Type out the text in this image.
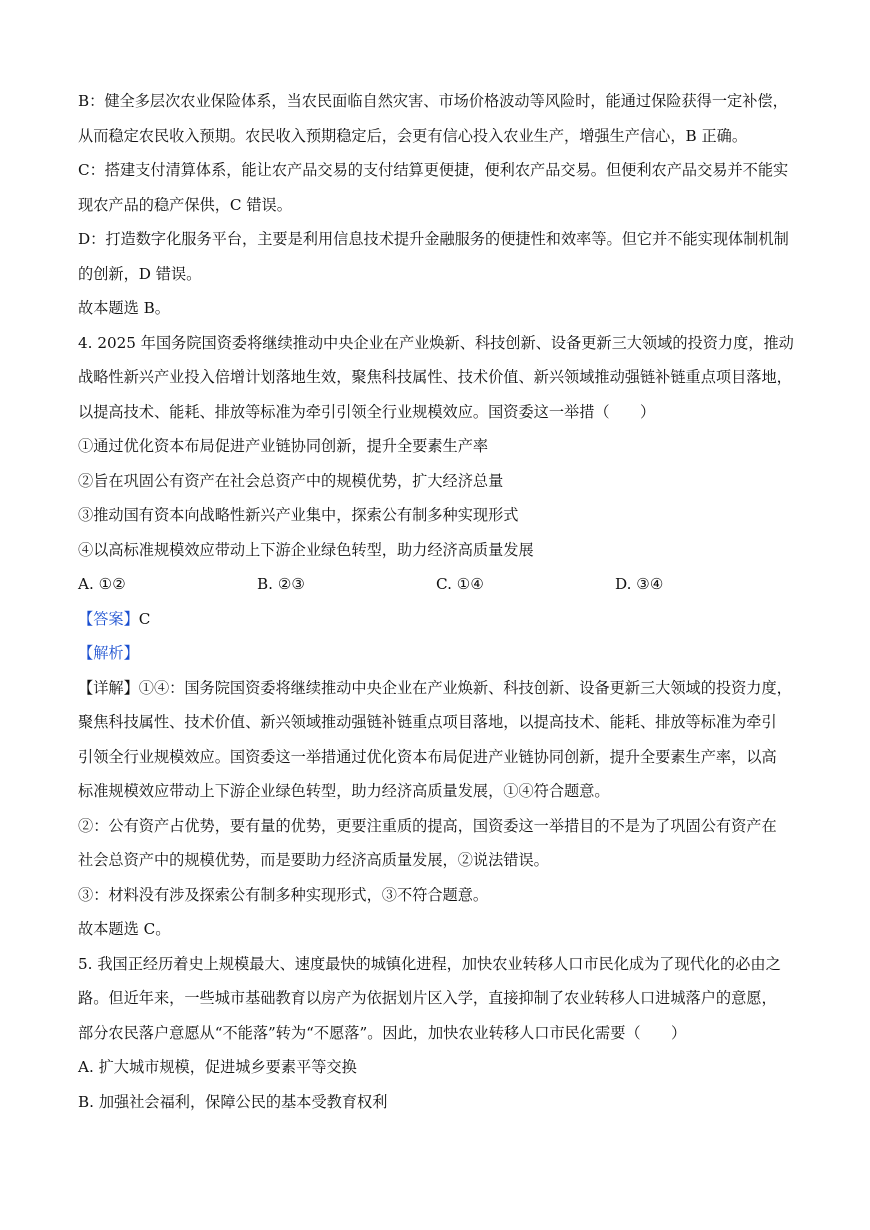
B：健全多层次农业保险体系，当农民面临自然灾害、市场价格波动等风险时，能通过保险获得一定补偿，

从而稳定农民收入预期。农民收入预期稳定后，会更有信心投入农业生产，增强生产信心，B 正确。

C：搭建支付清算体系，能让农产品交易的支付结算更便捷，便利农产品交易。但便利农产品交易并不能实

现农产品的稳产保供，C 错误。

D：打造数字化服务平台，主要是利用信息技术提升金融服务的便捷性和效率等。但它并不能实现体制机制

的创新，D 错误。

故本题选 B。

4. 2025 年国务院国资委将继续推动中央企业在产业焕新、科技创新、设备更新三大领域的投资力度，推动

战略性新兴产业投入倍增计划落地生效，聚焦科技属性、技术价值、新兴领域推动强链补链重点项目落地，

以提高技术、能耗、排放等标准为牵引引领全行业规模效应。国资委这一举措（　　）

①通过优化资本布局促进产业链协同创新，提升全要素生产率

②旨在巩固公有资产在社会总资产中的规模优势，扩大经济总量

③推动国有资本向战略性新兴产业集中，探索公有制多种实现形式

④以高标准规模效应带动上下游企业绿色转型，助力经济高质量发展

A. ①②	B. ②③	C. ①④	D. ③④

【答案】C

【解析】

【详解】①④：国务院国资委将继续推动中央企业在产业焕新、科技创新、设备更新三大领域的投资力度，

聚焦科技属性、技术价值、新兴领域推动强链补链重点项目落地，以提高技术、能耗、排放等标准为牵引

引领全行业规模效应。国资委这一举措通过优化资本布局促进产业链协同创新，提升全要素生产率，以高

标准规模效应带动上下游企业绿色转型，助力经济高质量发展，①④符合题意。

②：公有资产占优势，要有量的优势，更要注重质的提高，国资委这一举措目的不是为了巩固公有资产在

社会总资产中的规模优势，而是要助力经济高质量发展，②说法错误。

③：材料没有涉及探索公有制多种实现形式，③不符合题意。

故本题选 C。

5. 我国正经历着史上规模最大、速度最快的城镇化进程，加快农业转移人口市民化成为了现代化的必由之

路。但近年来，一些城市基础教育以房产为依据划片区入学，直接抑制了农业转移人口进城落户的意愿，

部分农民落户意愿从“不能落”转为“不愿落”。因此，加快农业转移人口市民化需要（　　）

A. 扩大城市规模，促进城乡要素平等交换

B. 加强社会福利，保障公民的基本受教育权利
